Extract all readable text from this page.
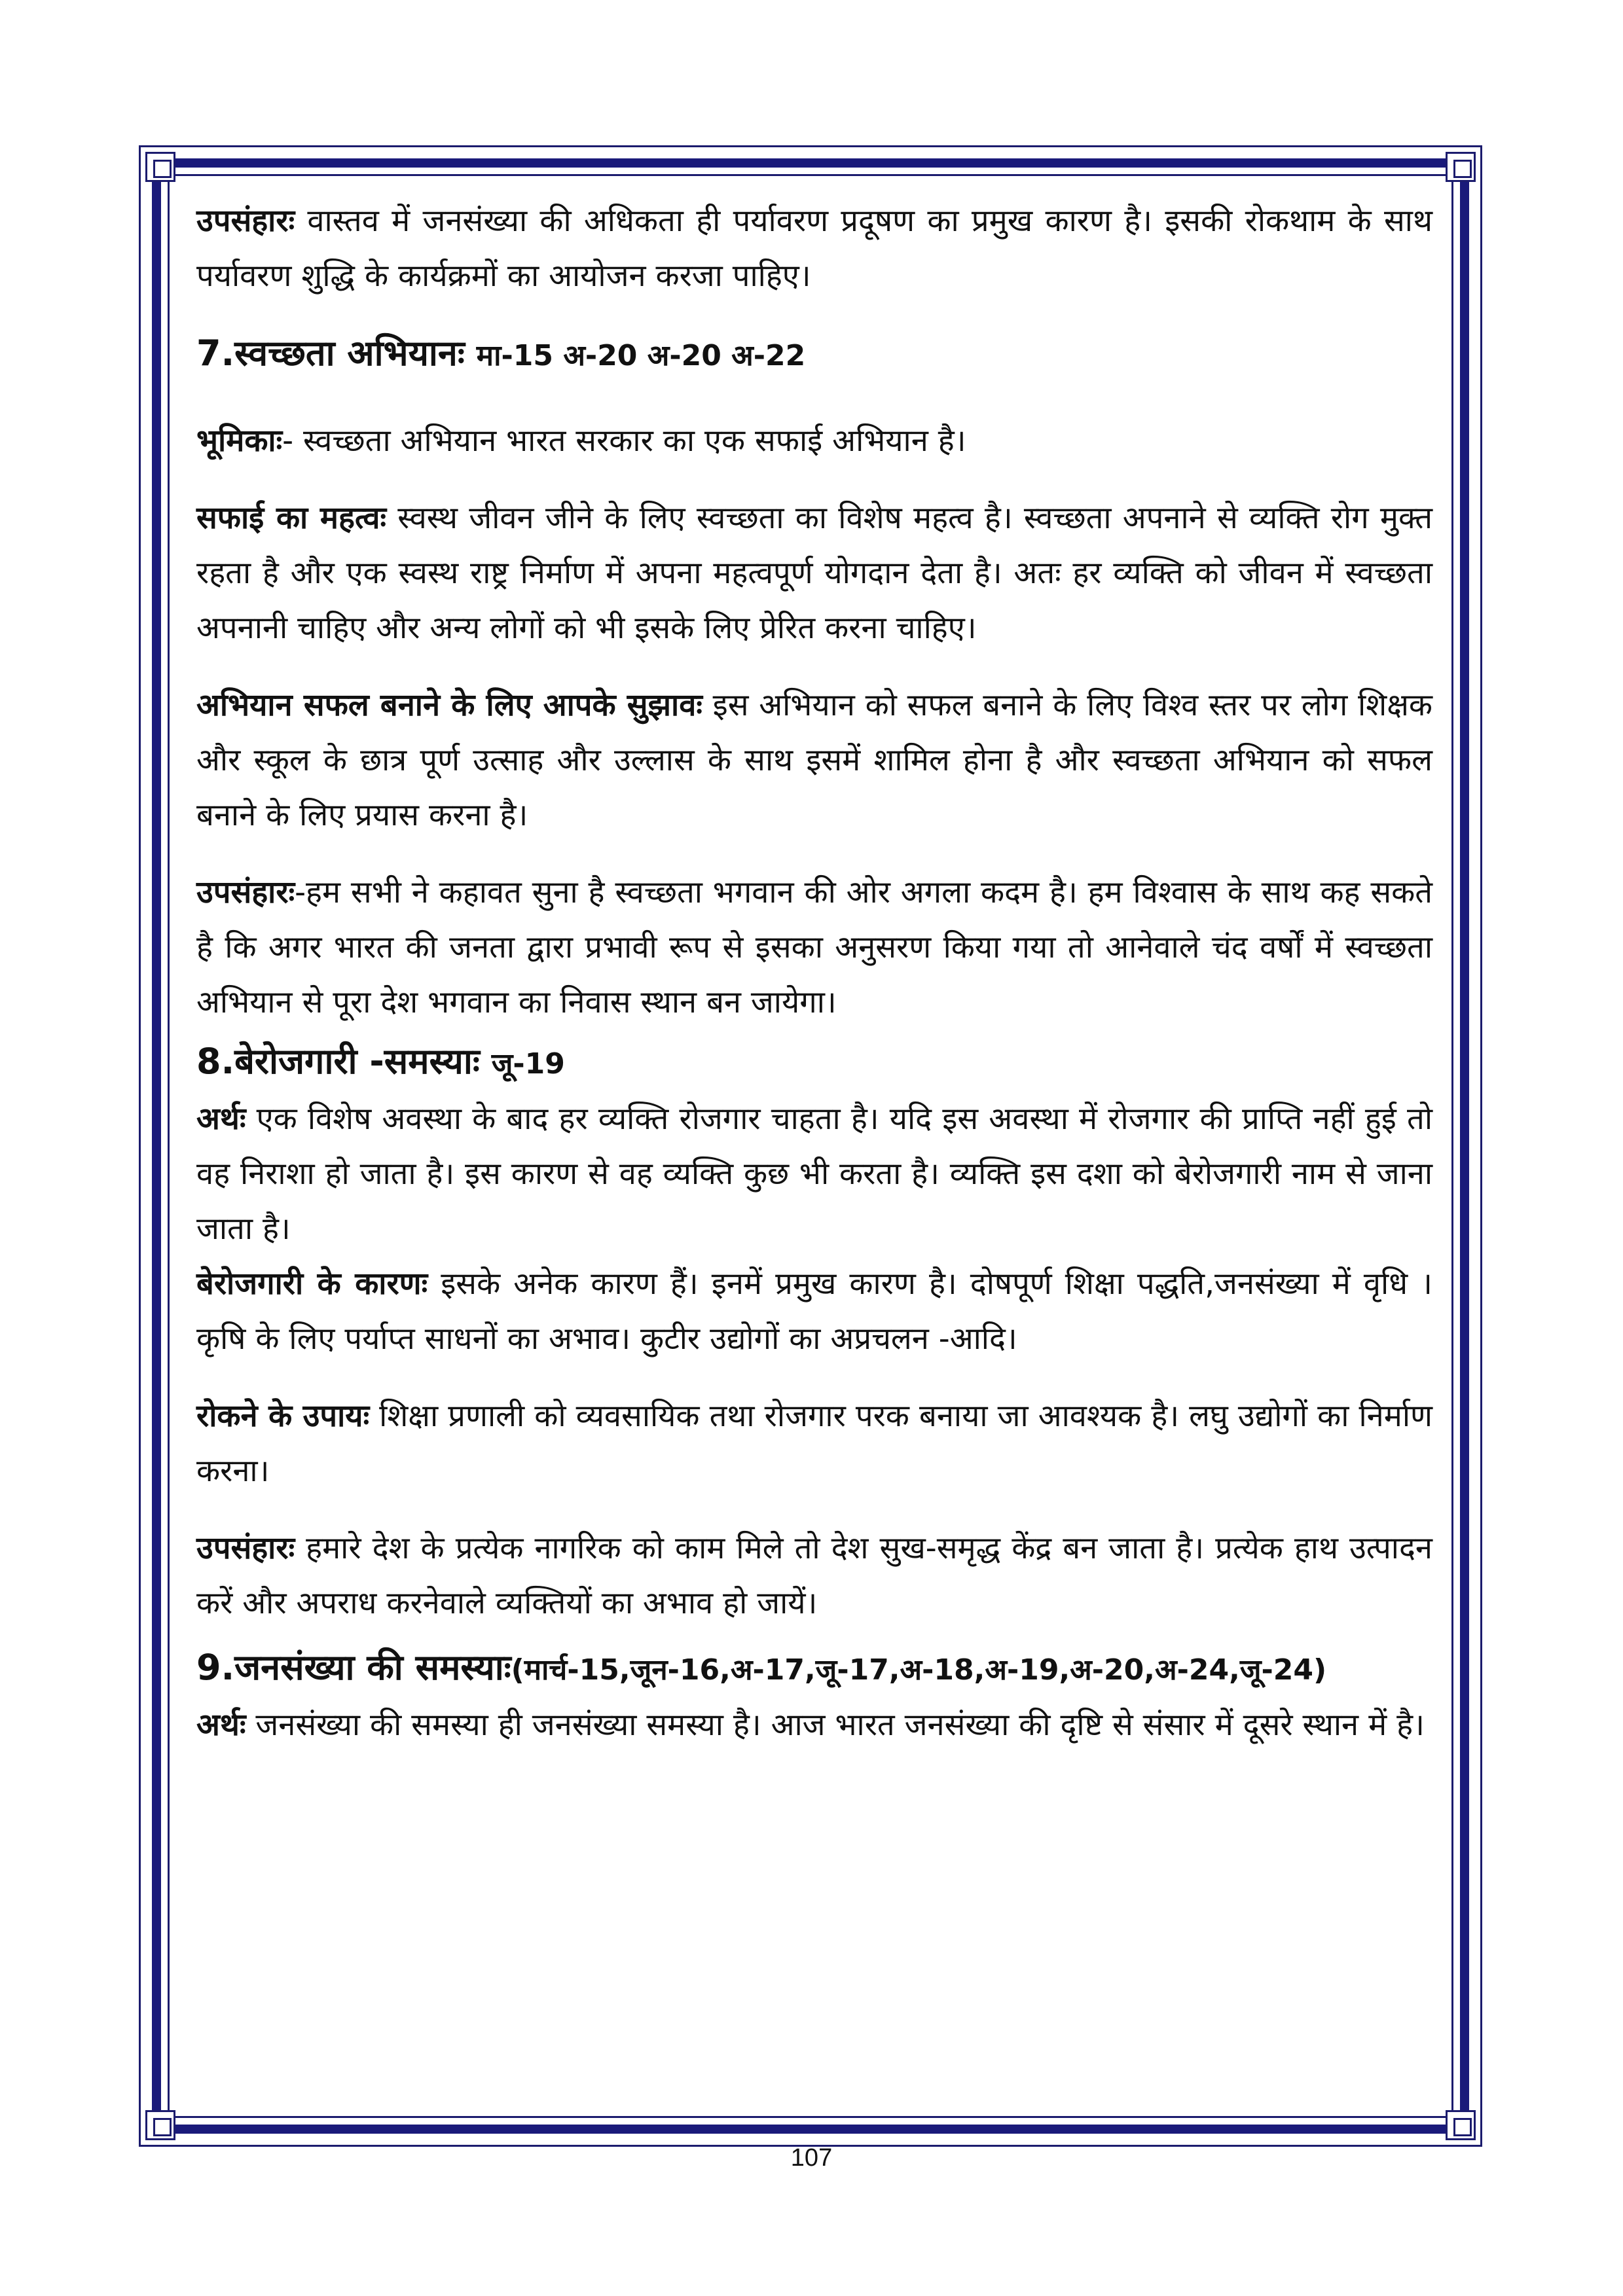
उपसंहारः वास्तव में जनसंख्या की अधिकता ही पर्यावरण प्रदूषण का प्रमुख कारण है। इसकी रोकथाम के साथ पर्यावरण शुद्धि के कार्यक्रमों का आयोजन करजा पाहिए।

7.स्वच्छता अभियानः मा-15 अ-20 अ-20 अ-22

भूमिकाः- स्वच्छता अभियान भारत सरकार का एक सफाई अभियान है।

सफाई का महत्वः स्वस्थ जीवन जीने के लिए स्वच्छता का विशेष महत्व है। स्वच्छता अपनाने से व्यक्ति रोग मुक्त रहता है और एक स्वस्थ राष्ट्र निर्माण में अपना महत्वपूर्ण योगदान देता है। अतः हर व्यक्ति को जीवन में स्वच्छता अपनानी चाहिए और अन्य लोगों को भी इसके लिए प्रेरित करना चाहिए।

अभियान सफल बनाने के लिए आपके सुझावः इस अभियान को सफल बनाने के लिए विश्व स्तर पर लोग शिक्षक और स्कूल के छात्र पूर्ण उत्साह और उल्लास के साथ इसमें शामिल होना है और स्वच्छता अभियान को सफल बनाने के लिए प्रयास करना है।

उपसंहारः-हम सभी ने कहावत सुना है स्वच्छता भगवान की ओर अगला कदम है। हम विश्वास के साथ कह सकते है कि अगर भारत की जनता द्वारा प्रभावी रूप से इसका अनुसरण किया गया तो आनेवाले चंद वर्षों में स्वच्छता अभियान से पूरा देश भगवान का निवास स्थान बन जायेगा।

8.बेरोजगारी -समस्याः जू-19

अर्थः एक विशेष अवस्था के बाद हर व्यक्ति रोजगार चाहता है। यदि इस अवस्था में रोजगार की प्राप्ति नहीं हुई तो वह निराशा हो जाता है। इस कारण से वह व्यक्ति कुछ भी करता है। व्यक्ति इस दशा को बेरोजगारी नाम से जाना जाता है।

बेरोजगारी के कारणः इसके अनेक कारण हैं। इनमें प्रमुख कारण है। दोषपूर्ण शिक्षा पद्धति,जनसंख्या में वृधि । कृषि के लिए पर्याप्त साधनों का अभाव। कुटीर उद्योगों का अप्रचलन -आदि।

रोकने के उपायः शिक्षा प्रणाली को व्यवसायिक तथा रोजगार परक बनाया जा आवश्यक है। लघु उद्योगों का निर्माण करना।

उपसंहारः हमारे देश के प्रत्येक नागरिक को काम मिले तो देश सुख-समृद्ध केंद्र बन जाता है। प्रत्येक हाथ उत्पादन करें और अपराध करनेवाले व्यक्तियों का अभाव हो जायें।

9.जनसंख्या की समस्याः(मार्च-15,जून-16,अ-17,जू-17,अ-18,अ-19,अ-20,अ-24,जू-24)

अर्थः जनसंख्या की समस्या ही जनसंख्या समस्या है। आज भारत जनसंख्या की दृष्टि से संसार में दूसरे स्थान में है।

107
